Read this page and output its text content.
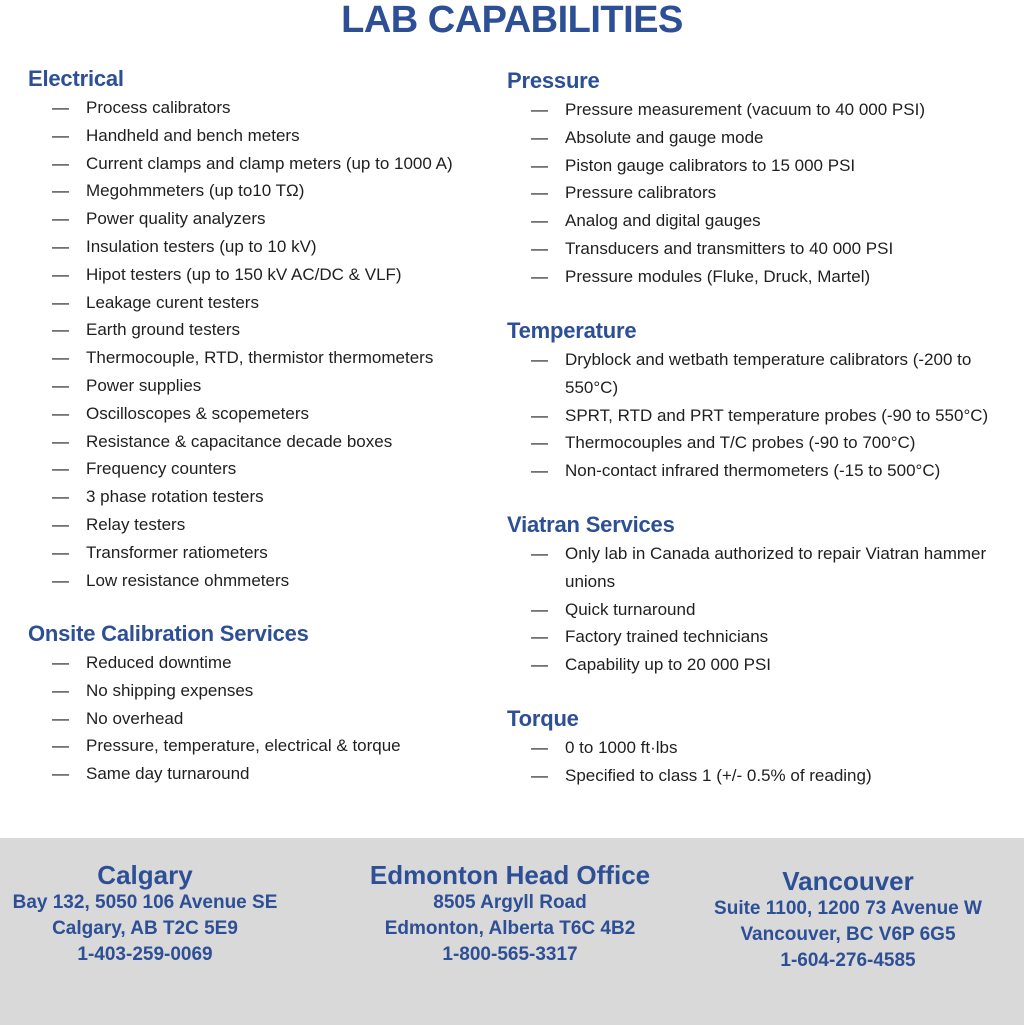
LAB CAPABILITIES
Electrical
— Process calibrators
— Handheld and bench meters
— Current clamps and clamp meters (up to 1000 A)
— Megohmmeters (up to10 TΩ)
— Power quality analyzers
— Insulation testers (up to 10 kV)
— Hipot testers (up to 150 kV AC/DC & VLF)
— Leakage curent testers
— Earth ground testers
— Thermocouple, RTD, thermistor thermometers
— Power supplies
— Oscilloscopes & scopemeters
— Resistance & capacitance decade boxes
— Frequency counters
— 3 phase rotation testers
— Relay testers
— Transformer ratiometers
— Low resistance ohmmeters
Onsite Calibration Services
— Reduced downtime
— No shipping expenses
— No overhead
— Pressure, temperature, electrical & torque
— Same day turnaround
Pressure
— Pressure measurement (vacuum to 40 000 PSI)
— Absolute and gauge mode
— Piston gauge calibrators to 15 000 PSI
— Pressure calibrators
— Analog and digital gauges
— Transducers and transmitters to 40 000 PSI
— Pressure modules (Fluke, Druck, Martel)
Temperature
— Dryblock and wetbath temperature calibrators (-200 to 550°C)
— SPRT, RTD and PRT temperature probes (-90 to 550°C)
— Thermocouples and T/C probes (-90 to 700°C)
— Non-contact infrared thermometers (-15 to 500°C)
Viatran Services
— Only lab in Canada authorized to repair Viatran hammer unions
— Quick turnaround
— Factory trained technicians
— Capability up to 20 000 PSI
Torque
— 0 to 1000 ft·lbs
— Specified to class 1 (+/- 0.5% of reading)
Calgary
Bay 132, 5050 106 Avenue SE
Calgary, AB T2C 5E9
1-403-259-0069
Edmonton Head Office
8505 Argyll Road
Edmonton, Alberta T6C 4B2
1-800-565-3317
Vancouver
Suite 1100, 1200 73 Avenue W
Vancouver, BC V6P 6G5
1-604-276-4585
